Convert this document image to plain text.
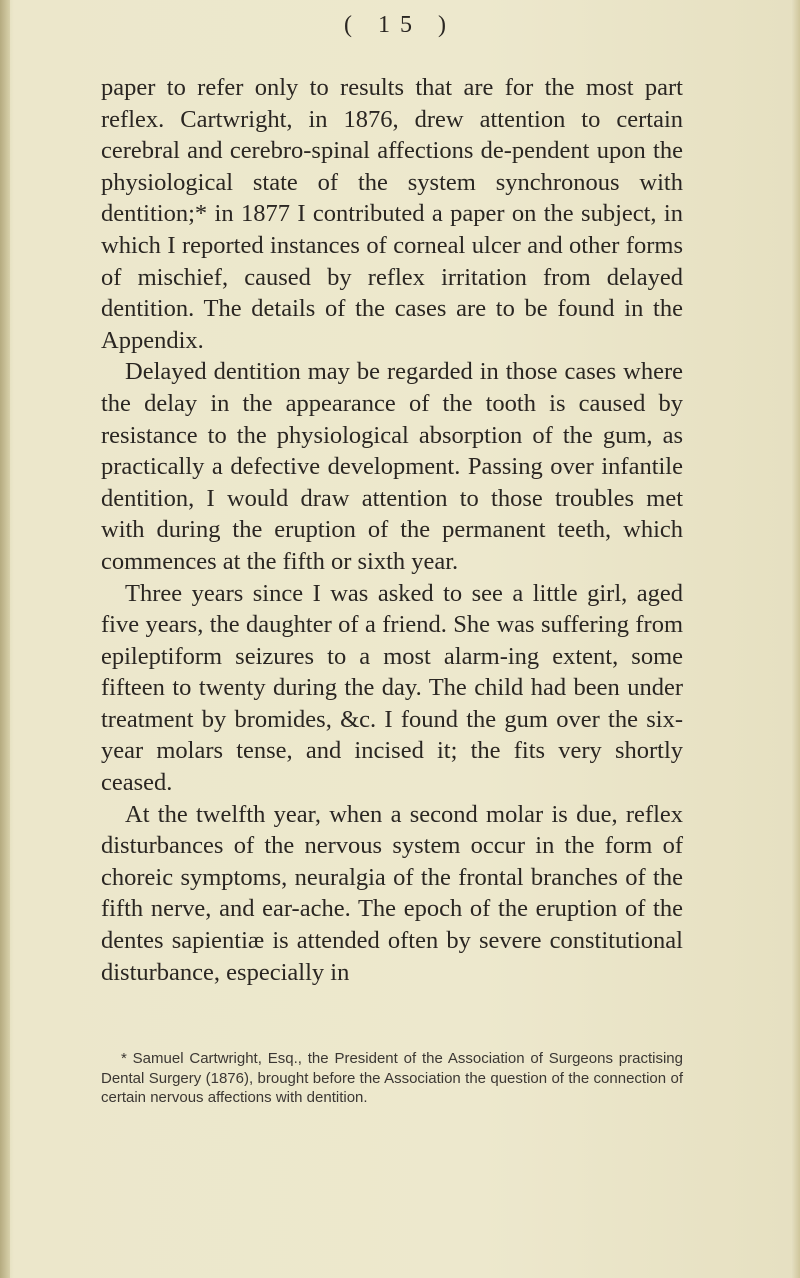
( 15 )

paper to refer only to results that are for the most part reflex. Cartwright, in 1876, drew attention to certain cerebral and cerebro-spinal affections de-pendent upon the physiological state of the system synchronous with dentition;* in 1877 I contributed a paper on the subject, in which I reported instances of corneal ulcer and other forms of mischief, caused by reflex irritation from delayed dentition. The details of the cases are to be found in the Appendix.

Delayed dentition may be regarded in those cases where the delay in the appearance of the tooth is caused by resistance to the physiological absorption of the gum, as practically a defective development. Passing over infantile dentition, I would draw attention to those troubles met with during the eruption of the permanent teeth, which commences at the fifth or sixth year.

Three years since I was asked to see a little girl, aged five years, the daughter of a friend. She was suffering from epileptiform seizures to a most alarm-ing extent, some fifteen to twenty during the day. The child had been under treatment by bromides, &c. I found the gum over the six-year molars tense, and incised it; the fits very shortly ceased.

At the twelfth year, when a second molar is due, reflex disturbances of the nervous system occur in the form of choreic symptoms, neuralgia of the frontal branches of the fifth nerve, and ear-ache. The epoch of the eruption of the dentes sapientiæ is attended often by severe constitutional disturbance, especially in

* Samuel Cartwright, Esq., the President of the Association of Surgeons practising Dental Surgery (1876), brought before the Association the question of the connection of certain nervous affections with dentition.
